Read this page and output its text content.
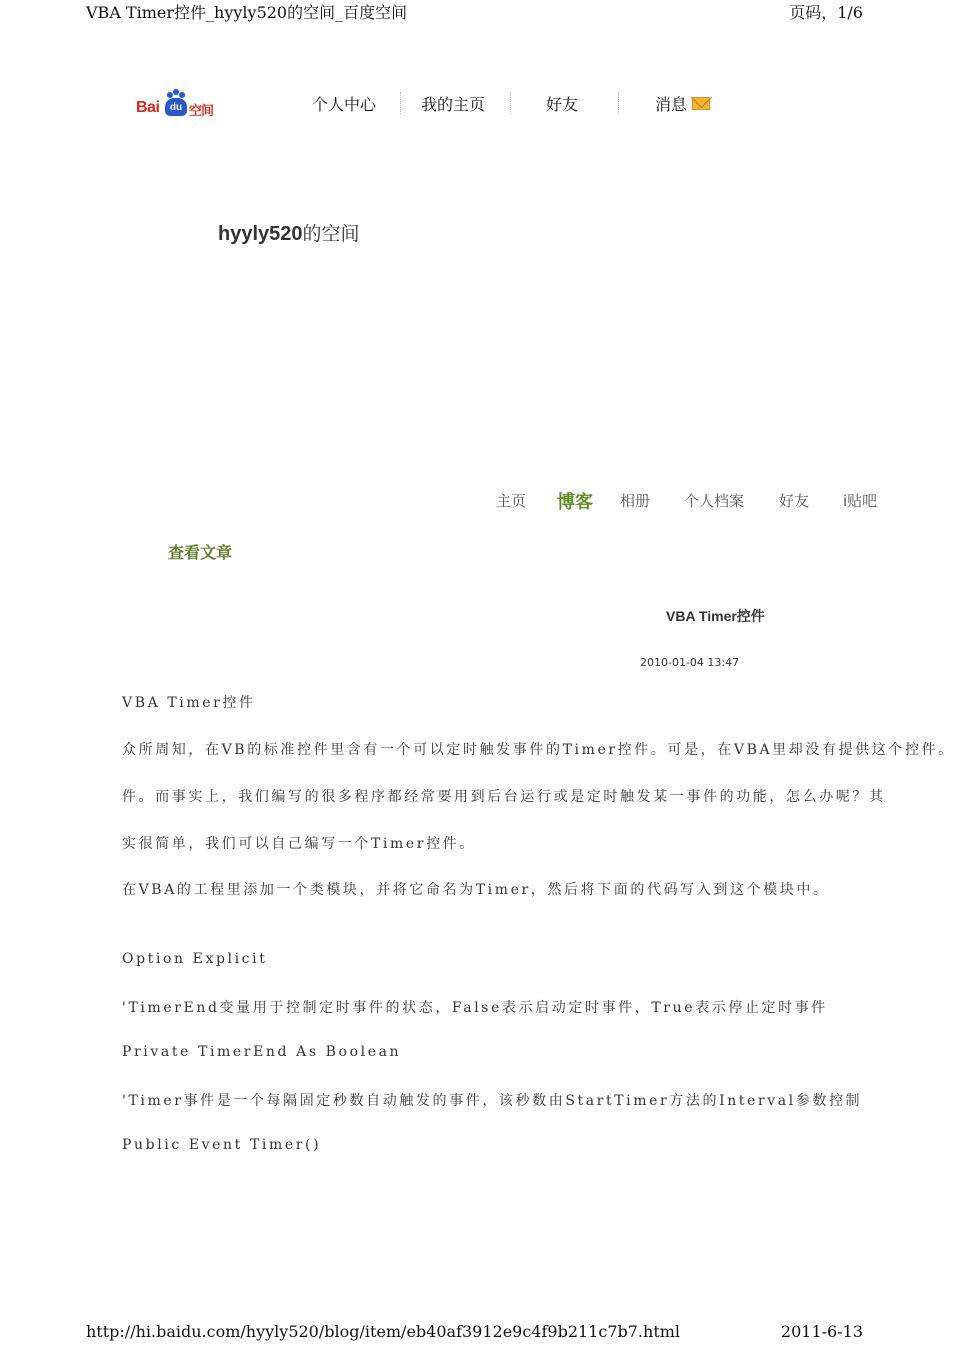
VBA Timer控件_hyyly520的空间_百度空间	页码，1/6
Bai	du 空间	个人中心	我的主页	好友	消息
hyyly520的空间
主页 博客 相册 个人档案 好友 i贴吧
查看文章
VBA Timer控件
2010-01-04 13:47
VBA Timer控件
众所周知，在VB的标准控件里含有一个可以定时触发事件的Timer控件。可是，在VBA里却没有提供这个控件。
件。而事实上，我们编写的很多程序都经常要用到后台运行或是定时触发某一事件的功能，怎么办呢？其
实很简单，我们可以自己编写一个Timer控件。
在VBA的工程里添加一个类模块，并将它命名为Timer，然后将下面的代码写入到这个模块中。
Option Explicit
'TimerEnd变量用于控制定时事件的状态，False表示启动定时事件，True表示停止定时事件
Private TimerEnd As Boolean
'Timer事件是一个每隔固定秒数自动触发的事件，该秒数由StartTimer方法的Interval参数控制
Public Event Timer()
http://hi.baidu.com/hyyly520/blog/item/eb40af3912e9c4f9b211c7b7.html	2011-6-13
